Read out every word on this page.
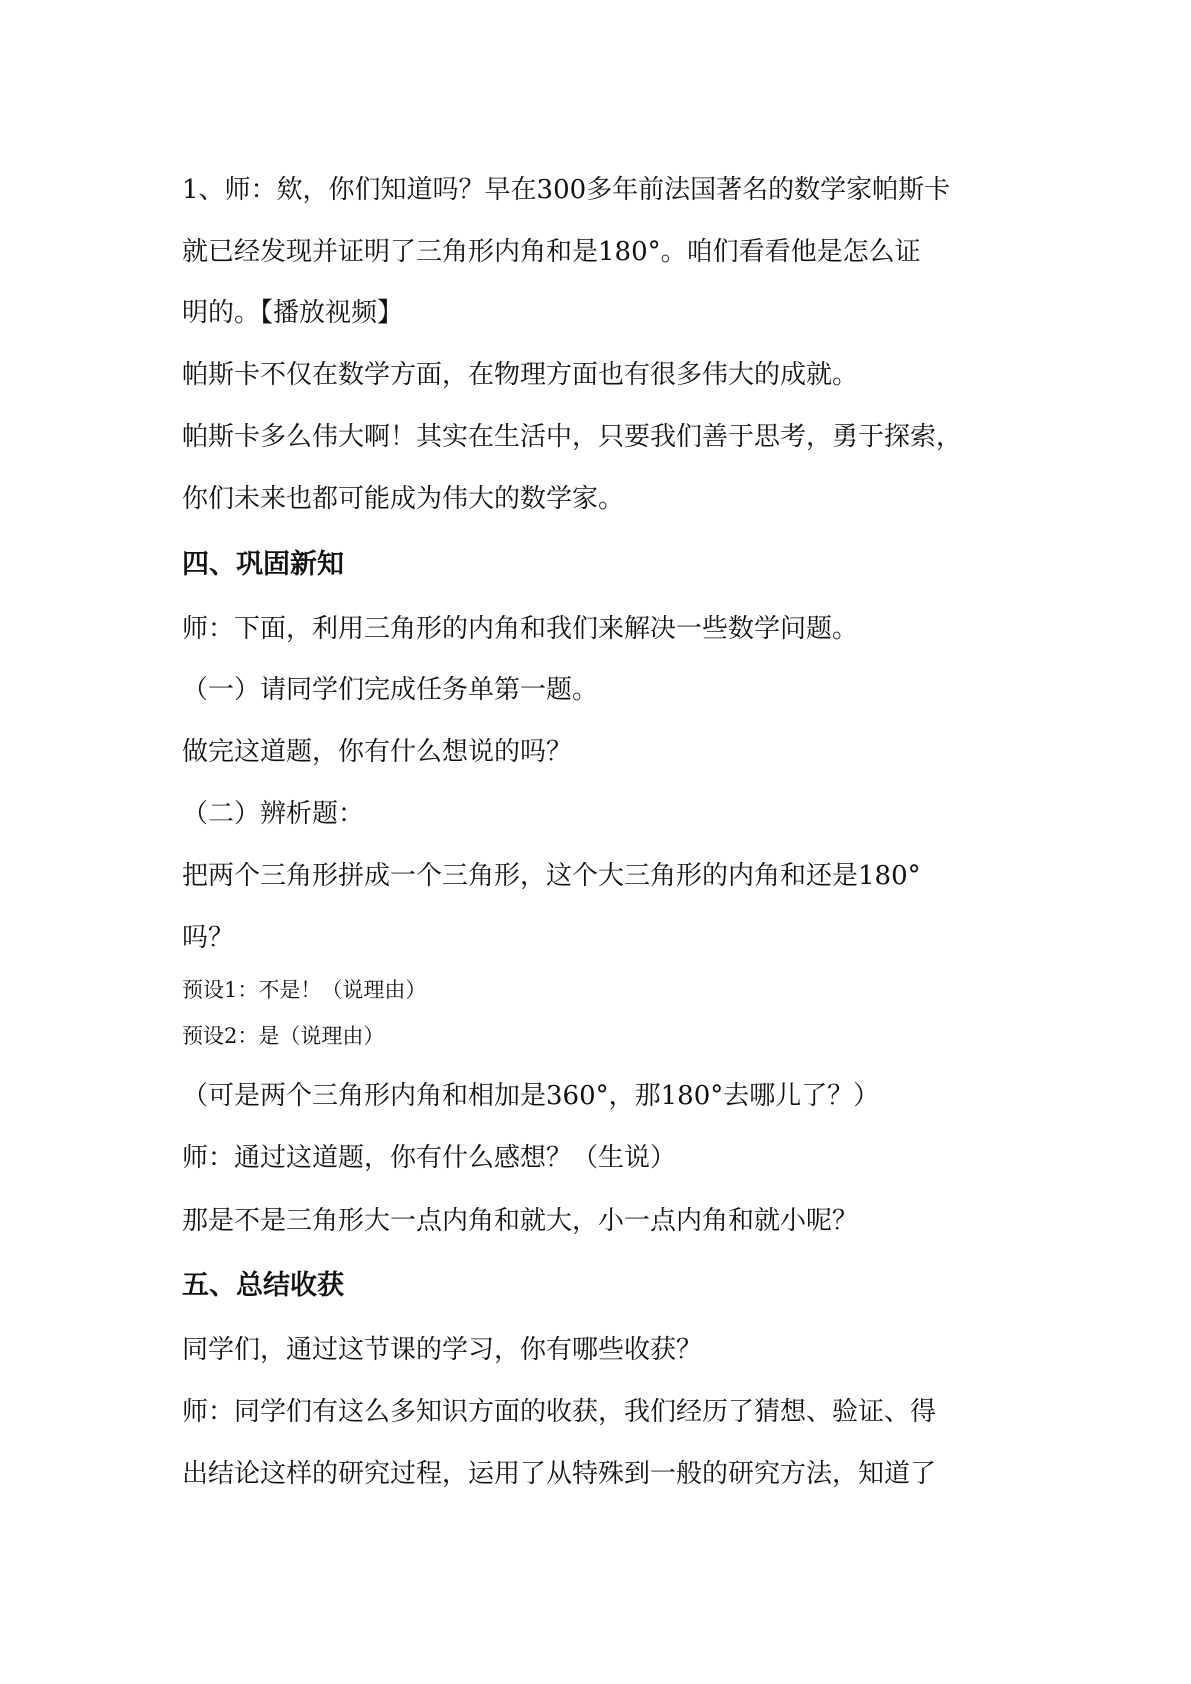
1、师：欸，你们知道吗？早在300多年前法国著名的数学家帕斯卡
就已经发现并证明了三角形内角和是180°。咱们看看他是怎么证
明的。【播放视频】
帕斯卡不仅在数学方面，在物理方面也有很多伟大的成就。
帕斯卡多么伟大啊！其实在生活中，只要我们善于思考，勇于探索，
你们未来也都可能成为伟大的数学家。
四、巩固新知
师：下面，利用三角形的内角和我们来解决一些数学问题。
（一）请同学们完成任务单第一题。
做完这道题，你有什么想说的吗？
（二）辨析题：
把两个三角形拼成一个三角形，这个大三角形的内角和还是180°
吗？
预设1：不是！（说理由）
预设2：是（说理由）
（可是两个三角形内角和相加是360°，那180°去哪儿了？）
师：通过这道题，你有什么感想？（生说）
那是不是三角形大一点内角和就大，小一点内角和就小呢？
五、总结收获
同学们，通过这节课的学习，你有哪些收获？
师：同学们有这么多知识方面的收获，我们经历了猜想、验证、得
出结论这样的研究过程，运用了从特殊到一般的研究方法，知道了
